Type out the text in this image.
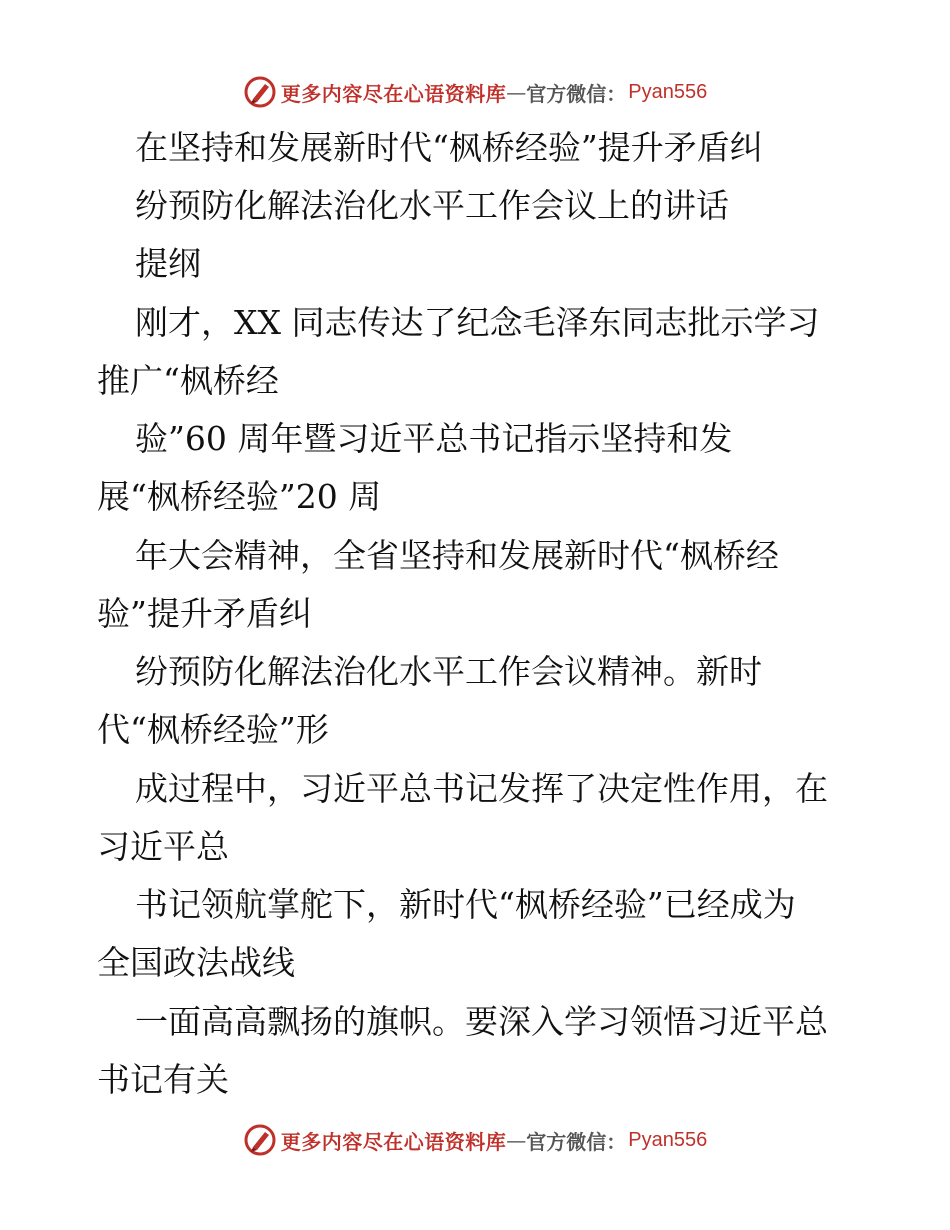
更多内容尽在心语资料库 — 官方微信： Pyan556
在坚持和发展新时代“枫桥经验”提升矛盾纠
纷预防化解法治化水平工作会议上的讲话
提纲
刚才，XX 同志传达了纪念毛泽东同志批示学习
推广“枫桥经
验”60 周年暨习近平总书记指示坚持和发
展“枫桥经验”20 周
年大会精神，全省坚持和发展新时代“枫桥经
验”提升矛盾纠
纷预防化解法治化水平工作会议精神。新时
代“枫桥经验”形
成过程中，习近平总书记发挥了决定性作用，在
习近平总
书记领航掌舵下，新时代“枫桥经验”已经成为
全国政法战线
一面高高飘扬的旗帜。要深入学习领悟习近平总
书记有关
更多内容尽在心语资料库 — 官方微信： Pyan556
